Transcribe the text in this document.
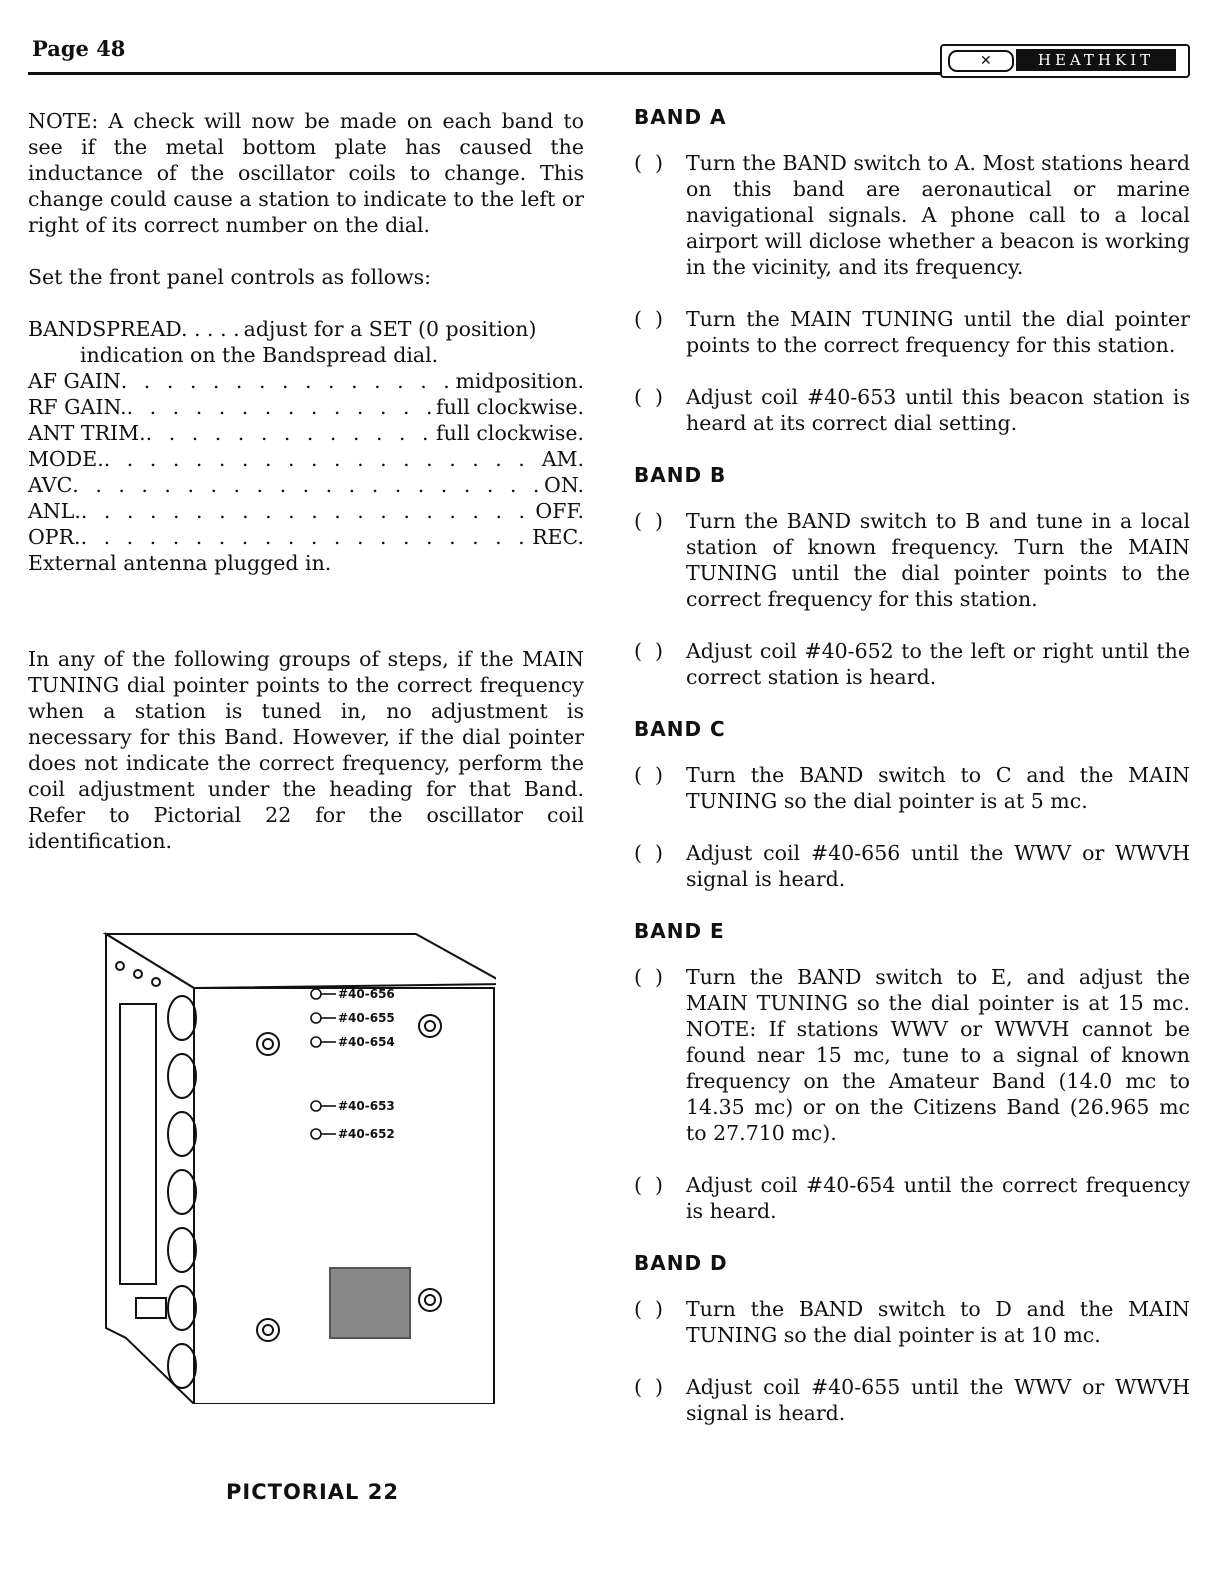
Page 48	✕	HEATHKIT

NOTE: A check will now be made on each band to see if the metal bottom plate has caused the inductance of the oscillator coils to change. This change could cause a station to indicate to the left or right of its correct number on the dial.

Set the front panel controls as follows:

BANDSPREAD. . . . . adjust for a SET (0 position)

indication on the Bandspread dial.

AF GAIN . . .	midposition.
RF GAIN. . . .	full clockwise.
ANT TRIM. . . .	full clockwise.
MODE. . . .	AM.
AVC . . .	ON.
ANL. . . .	OFF.
OPR. . . .	REC.

External antenna plugged in.

In any of the following groups of steps, if the MAIN TUNING dial pointer points to the correct frequency when a station is tuned in, no adjustment is necessary for this Band. However, if the dial pointer does not indicate the correct frequency, perform the coil adjustment under the heading for that Band. Refer to Pictorial 22 for the oscillator coil identification.

#40-656
#40-655
#40-654
#40-653
#40-652
PICTORIAL 22
BAND A
(  )	Turn the BAND switch to A. Most stations heard on this band are aeronautical or marine navigational signals. A phone call to a local airport will diclose whether a beacon is working in the vicinity, and its frequency.
(  )	Turn the MAIN TUNING until the dial pointer points to the correct frequency for this station.
(  )	Adjust coil #40-653 until this beacon station is heard at its correct dial setting.
BAND B
(  )	Turn the BAND switch to B and tune in a local station of known frequency. Turn the MAIN TUNING until the dial pointer points to the correct frequency for this station.
(  )	Adjust coil #40-652 to the left or right until the correct station is heard.
BAND C
(  )	Turn the BAND switch to C and the MAIN TUNING so the dial pointer is at 5 mc.
(  )	Adjust coil #40-656 until the WWV or WWVH signal is heard.
BAND E
(  )	Turn the BAND switch to E, and adjust the MAIN TUNING so the dial pointer is at 15 mc. NOTE: If stations WWV or WWVH cannot be found near 15 mc, tune to a signal of known frequency on the Amateur Band (14.0 mc to 14.35 mc) or on the Citizens Band (26.965 mc to 27.710 mc).
(  )	Adjust coil #40-654 until the correct frequency is heard.
BAND D
(  )	Turn the BAND switch to D and the MAIN TUNING so the dial pointer is at 10 mc.
(  )	Adjust coil #40-655 until the WWV or WWVH signal is heard.
